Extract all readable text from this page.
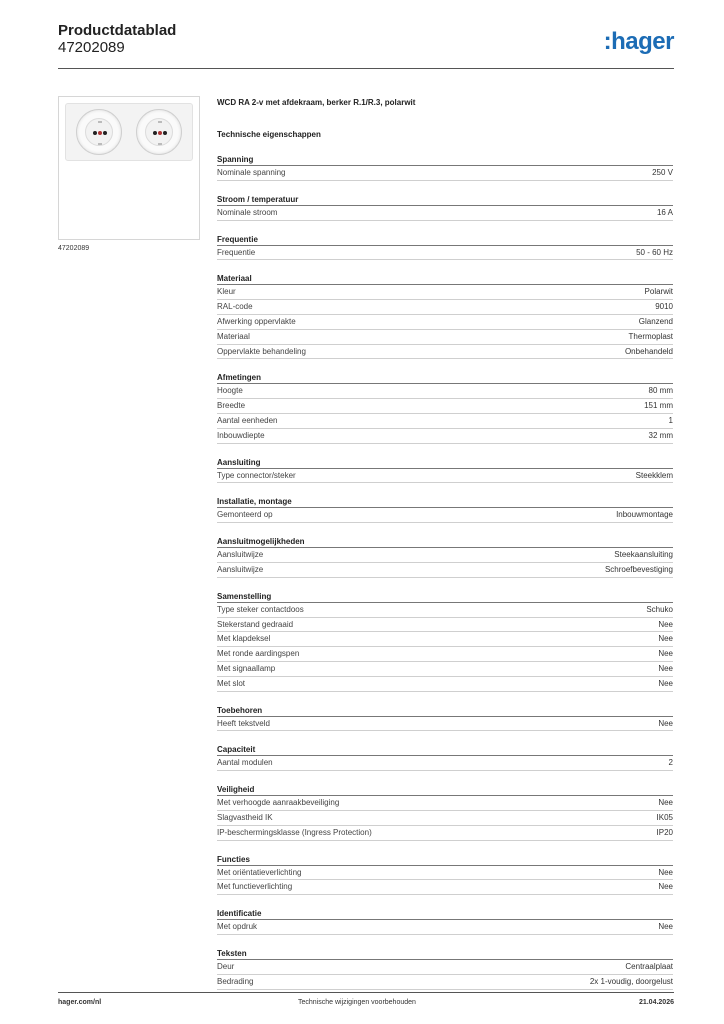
Productdatablad
47202089	:hager
47202089
WCD RA 2-v met afdekraam, berker R.1/R.3, polarwit
Technische eigenschappen
Spanning
Nominale spanning	250 V
Stroom / temperatuur
Nominale stroom	16 A
Frequentie
Frequentie	50 - 60 Hz
Materiaal
Kleur	Polarwit
RAL-code	9010
Afwerking oppervlakte	Glanzend
Materiaal	Thermoplast
Oppervlakte behandeling	Onbehandeld
Afmetingen
Hoogte	80 mm
Breedte	151 mm
Aantal eenheden	1
Inbouwdiepte	32 mm
Aansluiting
Type connector/steker	Steekklem
Installatie, montage
Gemonteerd op	Inbouwmontage
Aansluitmogelijkheden
Aansluitwijze	Steekaansluiting
Aansluitwijze	Schroefbevestiging
Samenstelling
Type steker contactdoos	Schuko
Stekerstand gedraaid	Nee
Met klapdeksel	Nee
Met ronde aardingspen	Nee
Met signaallamp	Nee
Met slot	Nee
Toebehoren
Heeft tekstveld	Nee
Capaciteit
Aantal modulen	2
Veiligheid
Met verhoogde aanraakbeveiliging	Nee
Slagvastheid IK	IK05
IP-beschermingsklasse (Ingress Protection)	IP20
Functies
Met oriëntatieverlichting	Nee
Met functieverlichting	Nee
Identificatie
Met opdruk	Nee
Teksten
Deur	Centraalplaat
Bedrading	2x 1-voudig, doorgelust
hager.com/nl	Technische wijzigingen voorbehouden	21.04.2026
